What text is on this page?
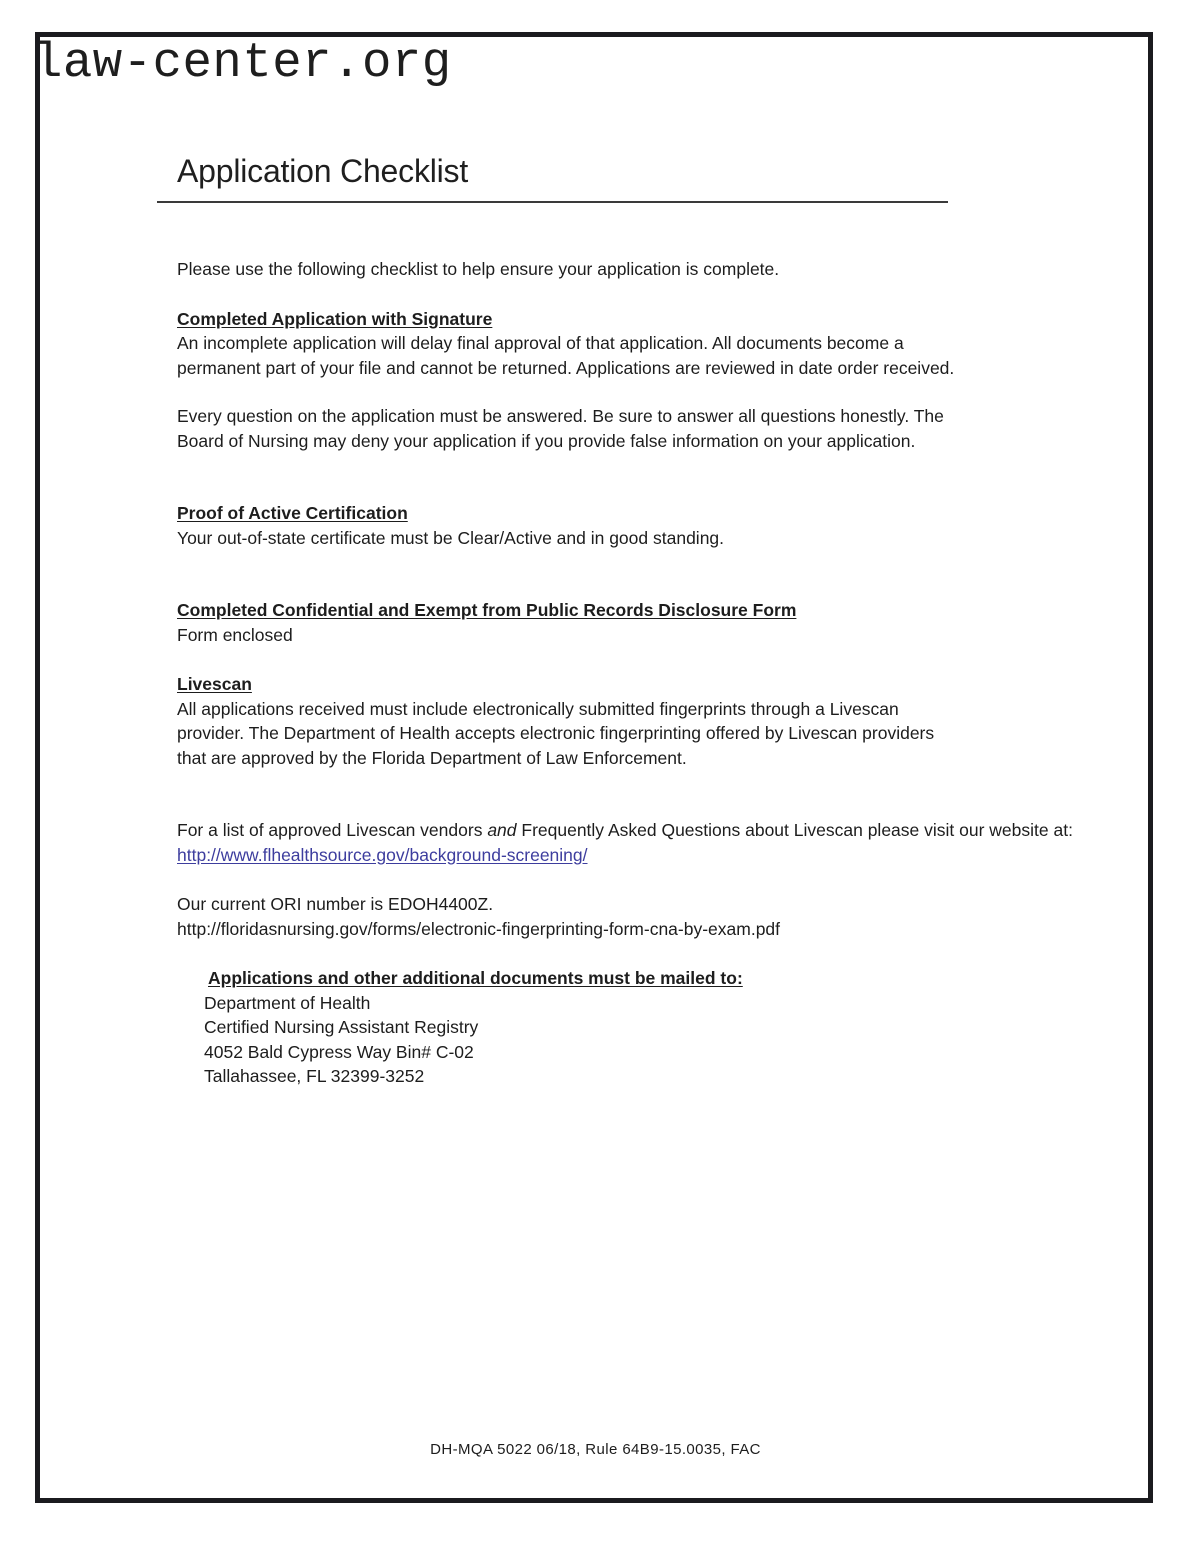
law-center.org
Application Checklist

Please use the following checklist to help ensure your application is complete.

Completed Application with Signature

An incomplete application will delay final approval of that application. All documents become a permanent part of your file and cannot be returned. Applications are reviewed in date order received.

Every question on the application must be answered. Be sure to answer all questions honestly. The Board of Nursing may deny your application if you provide false information on your application.

Proof of Active Certification

Your out-of-state certificate must be Clear/Active and in good standing.

Completed Confidential and Exempt from Public Records Disclosure Form

Form enclosed

Livescan

All applications received must include electronically submitted fingerprints through a Livescan provider. The Department of Health accepts electronic fingerprinting offered by Livescan providers that are approved by the Florida Department of Law Enforcement.

For a list of approved Livescan vendors and Frequently Asked Questions about Livescan please visit our website at:

http://www.flhealthsource.gov/background-screening/

Our current ORI number is EDOH4400Z.

http://floridasnursing.gov/forms/electronic-fingerprinting-form-cna-by-exam.pdf

Applications and other additional documents must be mailed to:

Department of Health

Certified Nursing Assistant Registry

4052 Bald Cypress Way Bin# C-02

Tallahassee, FL 32399-3252

DH-MQA 5022 06/18, Rule 64B9-15.0035, FAC
